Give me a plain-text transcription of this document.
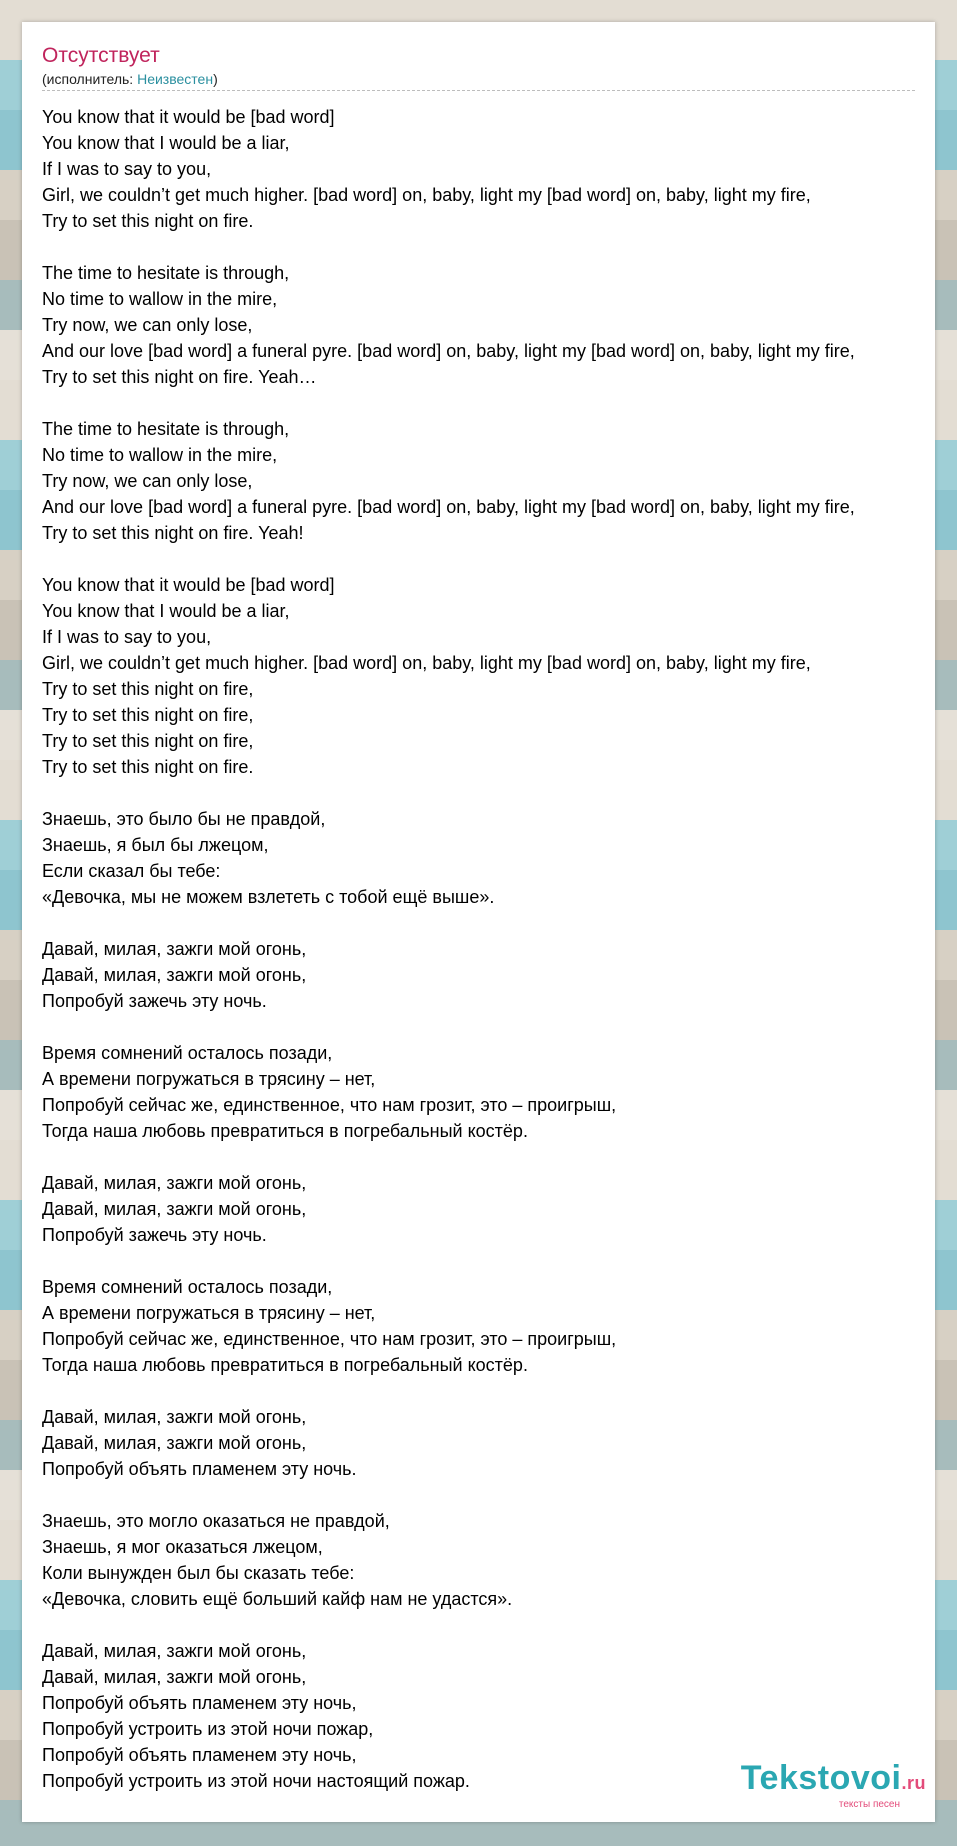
Отсутствует
(исполнитель: Неизвестен)
You know that it would be [bad word]
You know that I would be a liar,
If I was to say to you,
Girl, we couldn’t get much higher. [bad word] on, baby, light my [bad word] on, baby, light my fire,
Try to set this night on fire.
The time to hesitate is through,
No time to wallow in the mire,
Try now, we can only lose,
And our love [bad word] a funeral pyre. [bad word] on, baby, light my [bad word] on, baby, light my fire,
Try to set this night on fire. Yeah…
The time to hesitate is through,
No time to wallow in the mire,
Try now, we can only lose,
And our love [bad word] a funeral pyre. [bad word] on, baby, light my [bad word] on, baby, light my fire,
Try to set this night on fire. Yeah!
You know that it would be [bad word]
You know that I would be a liar,
If I was to say to you,
Girl, we couldn’t get much higher. [bad word] on, baby, light my [bad word] on, baby, light my fire,
Try to set this night on fire,
Try to set this night on fire,
Try to set this night on fire,
Try to set this night on fire.
Знаешь, это было бы не правдой,
Знаешь, я был бы лжецом,
Если сказал бы тебе:
«Девочка, мы не можем взлететь с тобой ещё выше».
Давай, милая, зажги мой огонь,
Давай, милая, зажги мой огонь,
Попробуй зажечь эту ночь.
Время сомнений осталось позади,
А времени погружаться в трясину – нет,
Попробуй сейчас же, единственное, что нам грозит, это – проигрыш,
Тогда наша любовь превратиться в погребальный костёр.
Давай, милая, зажги мой огонь,
Давай, милая, зажги мой огонь,
Попробуй зажечь эту ночь.
Время сомнений осталось позади,
А времени погружаться в трясину – нет,
Попробуй сейчас же, единственное, что нам грозит, это – проигрыш,
Тогда наша любовь превратиться в погребальный костёр.
Давай, милая, зажги мой огонь,
Давай, милая, зажги мой огонь,
Попробуй объять пламенем эту ночь.
Знаешь, это могло оказаться не правдой,
Знаешь, я мог оказаться лжецом,
Коли вынужден был бы сказать тебе:
«Девочка, словить ещё больший кайф нам не удастся».
Давай, милая, зажги мой огонь,
Давай, милая, зажги мой огонь,
Попробуй объять пламенем эту ночь,
Попробуй устроить из этой ночи пожар,
Попробуй объять пламенем эту ночь,
Попробуй устроить из этой ночи настоящий пожар.	Tekstovoi.ru
тексты песен
